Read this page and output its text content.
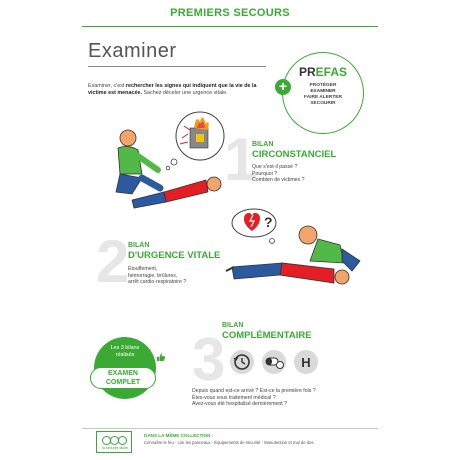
PREMIERS SECOURS
Examiner
Examiner, c'est rechercher les signes qui indiquent que la vie de la victime est menacée. Sachez déceler une urgence vitale.	+
PREFAS
PROTÉGER
EXAMINER
FAIRE ALERTER
SECOURIR
1
BILAN
CIRCONSTANCIEL
Que s'est-il passé ?
Pourquoi ?
Combien de victimes ?
2
BILAN
D'URGENCE VITALE
Étouffement,
hémorragie, brûlures,
arrêt cardio-respiratoire ?
?
3
BILAN
COMPLÉMENTAIRE
H
Depuis quand est-ce arrivé ? Est-ce la première fois ?
Êtes-vous sous traitement médical ?
Avez-vous été hospitalisé dernièrement ?
Les 3 bilans
réalisés
EXAMEN
COMPLET
la sécurité facile
DANS LA MÊME COLLECTION :
Connaître le feu · Lire les panneaux · Équipements de sécurité · Manutention et mal de dos
